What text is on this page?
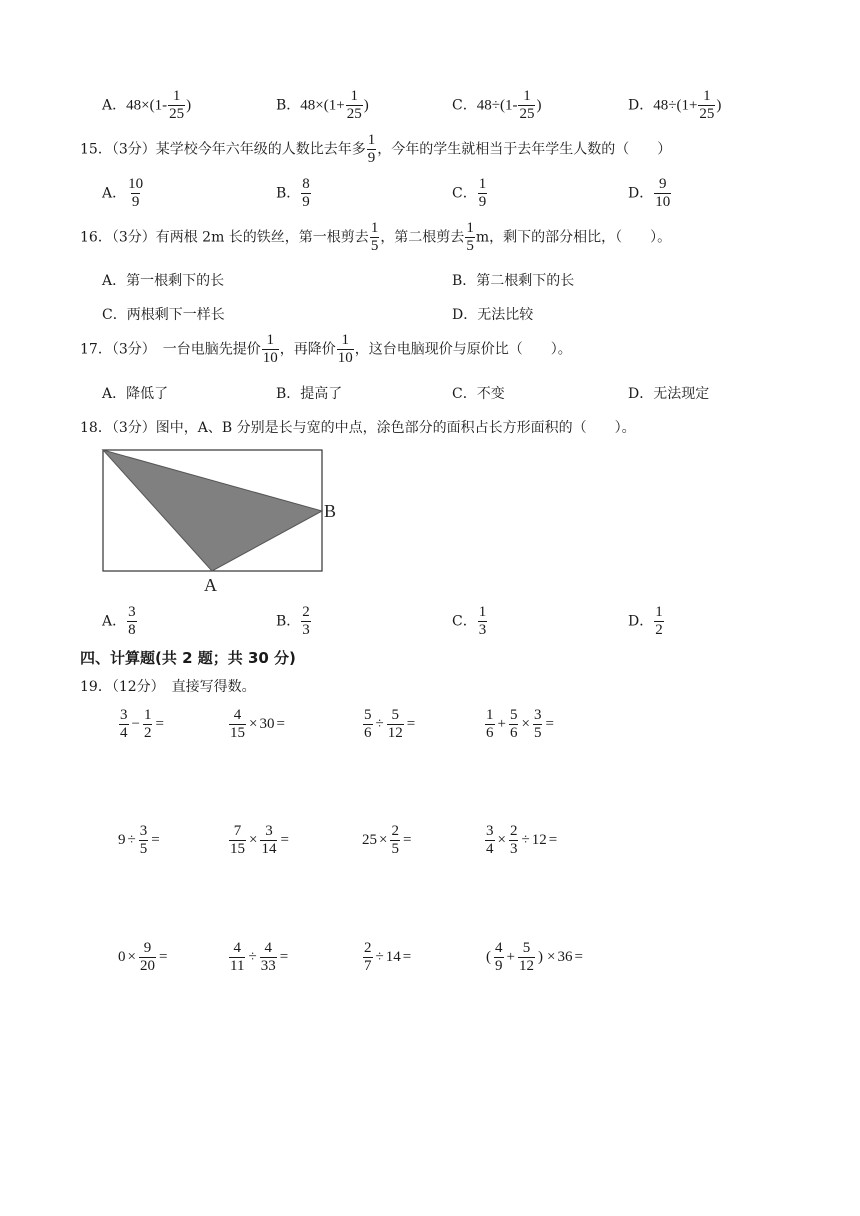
A．$48\times(1- \frac{1}{25}$ )	B．$48\times(1+ \frac{1}{25}$ )	C．$48\div(1- \frac{1}{25}$ )	D．$48\div(1+ \frac{1}{25}$ )
15．（3分）某学校今年六年级的人数比去年多 $\frac{1}{9}$ ，今年的学生就相当于去年学生人数的（　　）
A． $\frac{10}{9}$	B． $\frac{8}{9}$	C． $\frac{1}{9}$	D． $\frac{9}{10}$
16．（3分）有两根 2m 长的铁丝，第一根剪去 $\frac{1}{5}$ ，第二根剪去 $\frac{1}{5}$ m，剩下的部分相比，（　　）。
A．第一根剩下的长	B．第二根剩下的长
C．两根剩下一样长	D．无法比较
17．（3分）　一台电脑先提价 $\frac{1}{10}$ ，再降价 $\frac{1}{10}$ ，这台电脑现价与原价比（　　）。
A．降低了	B．提高了	C．不变	D．无法现定
18．（3分）图中，A、B 分别是长与宽的中点，涂色部分的面积占长方形面积的（　　）。
B
A
A． $\frac{3}{8}$	B． $\frac{2}{3}$	C． $\frac{1}{3}$	D． $\frac{1}{2}$
四、计算题(共 2 题；共 30 分)
19．（12分）　直接写得数。
$\frac{3}{4} - \frac{1}{2}$ =	$\frac{4}{15} \times 30$ =	$\frac{5}{6} \div \frac{5}{12}$ =	$\frac{1}{6} + \frac{5}{6} \times \frac{3}{5}$ =
$9 \div \frac{3}{5}$ =	$\frac{7}{15} \times \frac{3}{14}$ =	$25 \times \frac{2}{5}$ =	$\frac{3}{4} \times \frac{2}{3} \div 12$ =
$0 \times \frac{9}{20}$ =	$\frac{4}{11} \div \frac{4}{33}$ =	$\frac{2}{7} \div 14$ =	( $\frac{4}{9} + \frac{5}{12}$ ) × 36 =
